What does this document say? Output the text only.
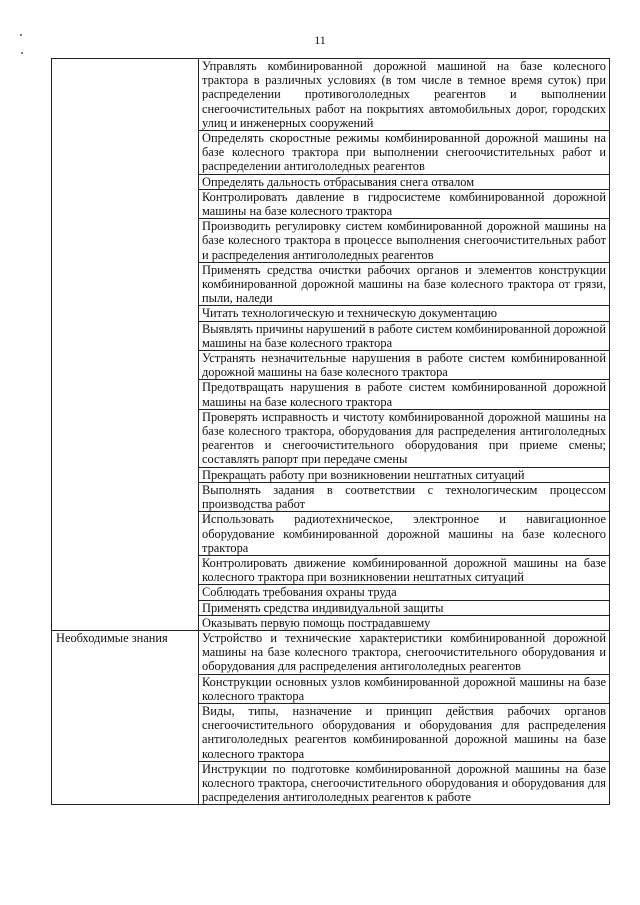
11
	Управлять комбинированной дорожной машиной на базе колесного трактора в различных условиях (в том числе в темное время суток) при распределении противогололедных реагентов и выполнении снегоочистительных работ на покрытиях автомобильных дорог, городских улиц и инженерных сооружений
	Определять скоростные режимы комбинированной дорожной машины на базе колесного трактора при выполнении снегоочистительных работ и распределении антигололедных реагентов
	Определять дальность отбрасывания снега отвалом
	Контролировать давление в гидросистеме комбинированной дорожной машины на базе колесного трактора
	Производить регулировку систем комбинированной дорожной машины на базе колесного трактора в процессе выполнения снегоочистительных работ и распределения антигололедных реагентов
	Применять средства очистки рабочих органов и элементов конструкции комбинированной дорожной машины на базе колесного трактора от грязи, пыли, наледи
	Читать технологическую и техническую документацию
	Выявлять причины нарушений в работе систем комбинированной дорожной машины на базе колесного трактора
	Устранять незначительные нарушения в работе систем комбинированной дорожной машины на базе колесного трактора
	Предотвращать нарушения в работе систем комбинированной дорожной машины на базе колесного трактора
	Проверять исправность и чистоту комбинированной дорожной машины на базе колесного трактора, оборудования для распределения антигололедных реагентов и снегоочистительного оборудования при приеме смены; составлять рапорт при передаче смены
	Прекращать работу при возникновении нештатных ситуаций
	Выполнять задания в соответствии с технологическим процессом производства работ
	Использовать радиотехническое, электронное и навигационное оборудование комбинированной дорожной машины на базе колесного трактора
	Контролировать движение комбинированной дорожной машины на базе колесного трактора при возникновении нештатных ситуаций
	Соблюдать требования охраны труда
	Применять средства индивидуальной защиты
	Оказывать первую помощь пострадавшему
Необходимые знания	Устройство и технические характеристики комбинированной дорожной машины на базе колесного трактора, снегоочистительного оборудования и оборудования для распределения антигололедных реагентов
	Конструкции основных узлов комбинированной дорожной машины на базе колесного трактора
	Виды, типы, назначение и принцип действия рабочих органов снегоочистительного оборудования и оборудования для распределения антигололедных реагентов комбинированной дорожной машины на базе колесного трактора
	Инструкции по подготовке комбинированной дорожной машины на базе колесного трактора, снегоочистительного оборудования и оборудования для распределения антигололедных реагентов к работе
